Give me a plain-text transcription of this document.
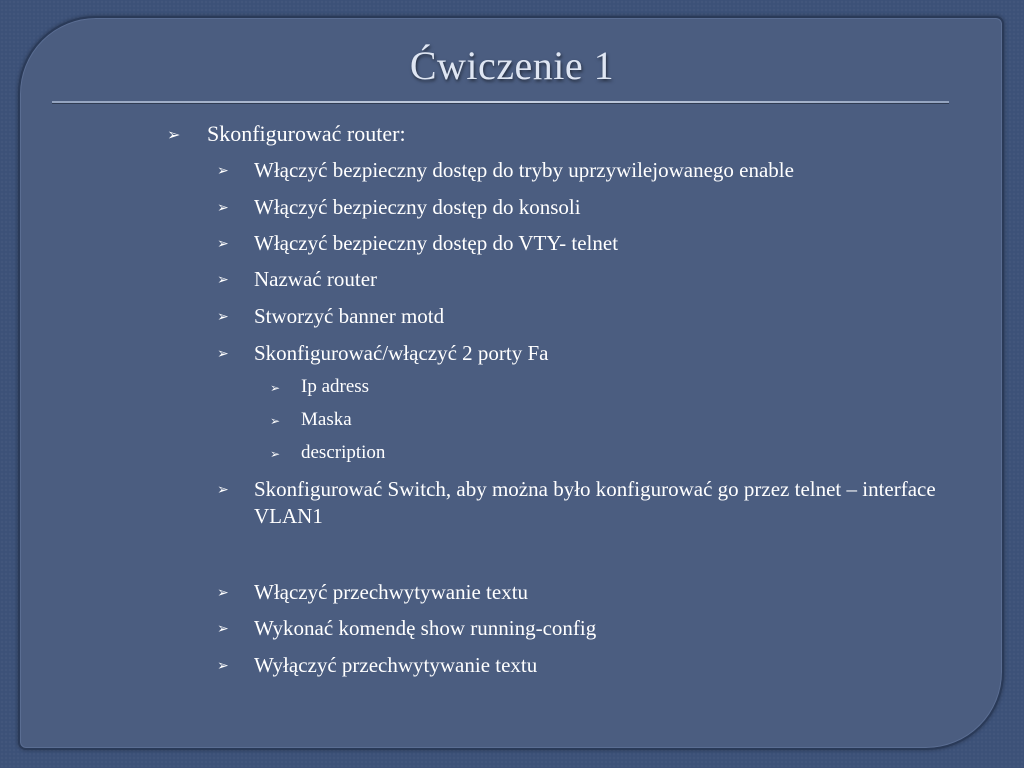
Ćwiczenie 1
➢ Skonfigurować router:
➢ Włączyć bezpieczny dostęp do tryby uprzywilejowanego enable
➢ Włączyć bezpieczny dostęp do konsoli
➢ Włączyć bezpieczny dostęp do VTY- telnet
➢ Nazwać router
➢ Stworzyć banner motd
➢ Skonfigurować/włączyć 2 porty Fa
➢ Ip adress
➢ Maska
➢ description
➢ Skonfigurować Switch, aby można było konfigurować go przez telnet – interface VLAN1
➢ Włączyć przechwytywanie textu
➢ Wykonać komendę show running-config
➢ Wyłączyć przechwytywanie textu
